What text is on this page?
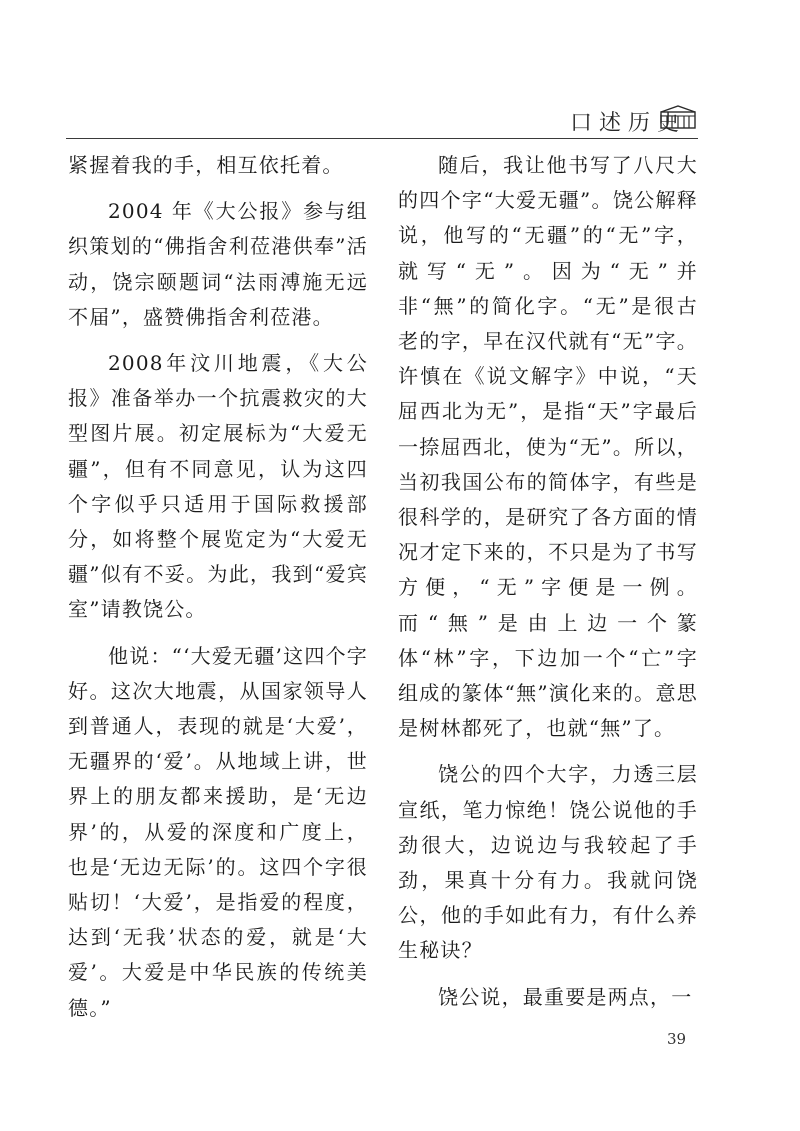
口述历史

紧握着我的手，相互依托着。

2004 年《大公报》参与组织策划的“佛指舍利莅港供奉”活动，饶宗颐题词“法雨溥施无远不届”，盛赞佛指舍利莅港。

2008年汶川地震，《大公报》准备举办一个抗震救灾的大型图片展。初定展标为“大爱无疆”，但有不同意见，认为这四个字似乎只适用于国际救援部分，如将整个展览定为“大爱无疆”似有不妥。为此，我到“爱宾室”请教饶公。

他说：“‘大爱无疆’这四个字好。这次大地震，从国家领导人到普通人，表现的就是‘大爱’，无疆界的‘爱’。从地域上讲，世界上的朋友都来援助，是‘无边界’的，从爱的深度和广度上，也是‘无边无际’的。这四个字很贴切！‘大爱’，是指爱的程度，达到‘无我’状态的爱，就是‘大爱’。大爱是中华民族的传统美德。”

随后，我让他书写了八尺大的四个字“大爱无疆”。饶公解释说，他写的“无疆”的“无”字，就写“无”。因为“无”并非“無”的简化字。“无”是很古老的字，早在汉代就有“无”字。许慎在《说文解字》中说，“天屈西北为无”，是指“天”字最后一捺屈西北，使为“无”。所以，当初我国公布的简体字，有些是很科学的，是研究了各方面的情况才定下来的，不只是为了书写方便，“无”字便是一例。而“無”是由上边一个篆体“林”字，下边加一个“亡”字组成的篆体“無”演化来的。意思是树林都死了，也就“無”了。

饶公的四个大字，力透三层宣纸，笔力惊绝！饶公说他的手劲很大，边说边与我较起了手劲，果真十分有力。我就问饶公，他的手如此有力，有什么养生秘诀？

饶公说，最重要是两点，一

39
